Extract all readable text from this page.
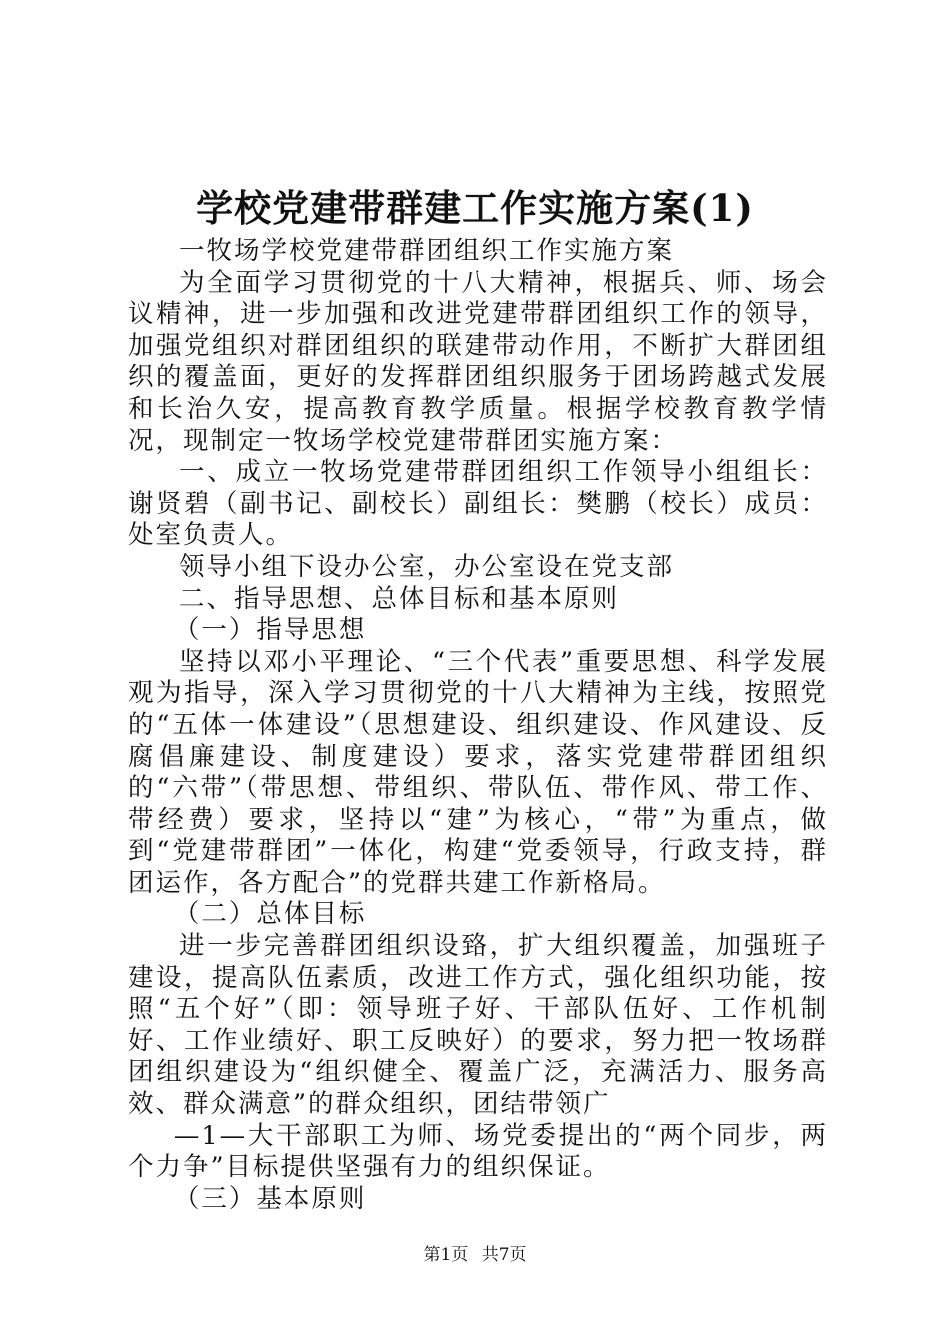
学校党建带群建工作实施方案(1)

一牧场学校党建带群团组织工作实施方案

为全面学习贯彻党的十八大精神，根据兵、师、场会议精神，进一步加强和改进党建带群团组织工作的领导，加强党组织对群团组织的联建带动作用，不断扩大群团组织的覆盖面，更好的发挥群团组织服务于团场跨越式发展和长治久安，提高教育教学质量。根据学校教育教学情况，现制定一牧场学校党建带群团实施方案：

一、成立一牧场党建带群团组织工作领导小组组长：谢贤碧（副书记、副校长）副组长：樊鹏（校长）成员：处室负责人。

领导小组下设办公室，办公室设在党支部

二、指导思想、总体目标和基本原则

（一）指导思想

坚持以邓小平理论、“三个代表”重要思想、科学发展观为指导，深入学习贯彻党的十八大精神为主线，按照党的“五体一体建设”（思想建设、组织建设、作风建设、反腐倡廉建设、制度建设）要求，落实党建带群团组织的“六带”（带思想、带组织、带队伍、带作风、带工作、带经费）要求，坚持以“建”为核心，“带”为重点，做到“党建带群团”一体化，构建“党委领导，行政支持，群团运作，各方配合”的党群共建工作新格局。

（二）总体目标

进一步完善群团组织设臵，扩大组织覆盖，加强班子建设，提高队伍素质，改进工作方式，强化组织功能，按照“五个好”（即：领导班子好、干部队伍好、工作机制好、工作业绩好、职工反映好）的要求，努力把一牧场群团组织建设为“组织健全、覆盖广泛，充满活力、服务高效、群众满意”的群众组织，团结带领广

—1—大干部职工为师、场党委提出的“两个同步，两个力争”目标提供坚强有力的组织保证。

（三）基本原则

第1页 共7页
